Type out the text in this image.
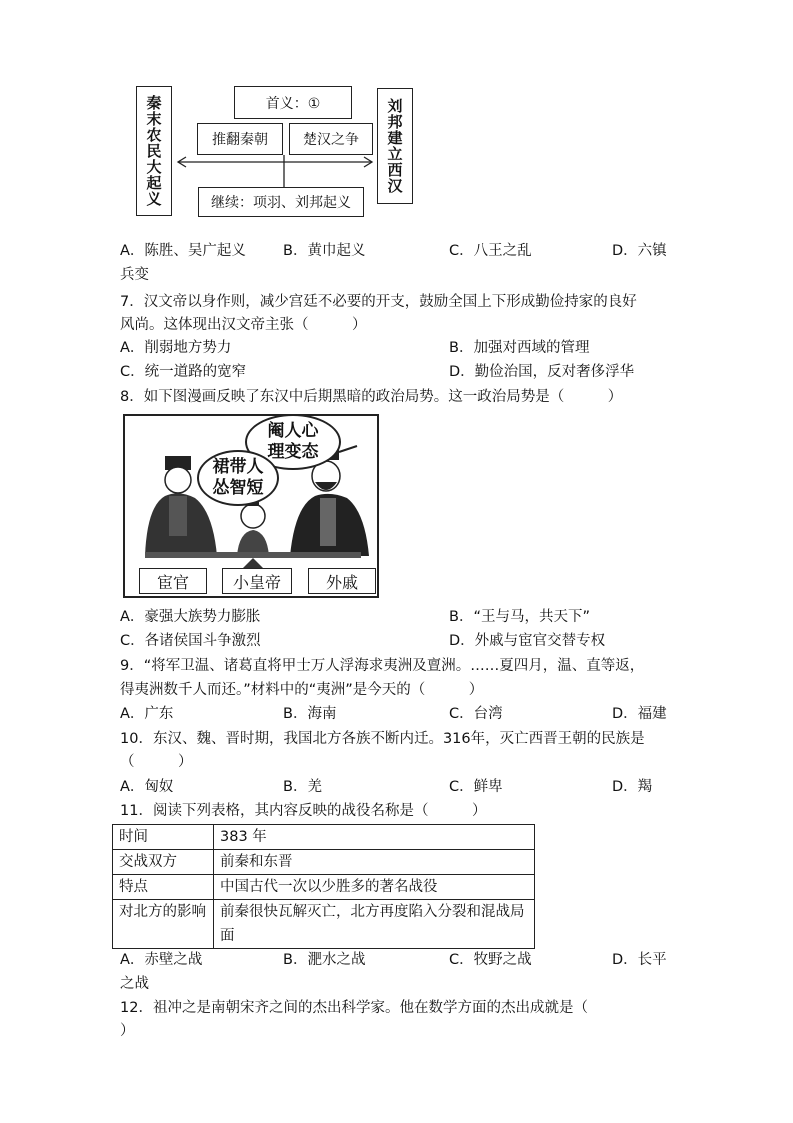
秦末农民大起义	刘邦建立西汉
首义：①
推翻秦朝	楚汉之争
继续：项羽、刘邦起义
A．陈胜、吴广起义	B．黄巾起义	C．八王之乱	D．六镇
兵变
7．汉文帝以身作则，减少宫廷不必要的开支，鼓励全国上下形成勤俭持家的良好
风尚。这体现出汉文帝主张（　　　）
A．削弱地方势力	B．加强对西域的管理
C．统一道路的宽窄	D．勤俭治国，反对奢侈浮华
8．如下图漫画反映了东汉中后期黑暗的政治局势。这一政治局势是（　　　）
阉人心理变态
裙带人怂智短
宦官	小皇帝	外戚
A．豪强大族势力膨胀	B．“王与马，共天下”
C．各诸侯国斗争激烈	D．外戚与宦官交替专权
9．“将军卫温、诸葛直将甲士万人浮海求夷洲及亶洲。……夏四月，温、直等返，
得夷洲数千人而还。”材料中的“夷洲”是今天的（　　　）
A．广东	B．海南	C．台湾	D．福建
10．东汉、魏、晋时期，我国北方各族不断内迁。316年，灭亡西晋王朝的民族是
（　　　）
A．匈奴	B．羌	C．鲜卑	D．羯
11．阅读下列表格，其内容反映的战役名称是（　　　）
时间	383 年
交战双方	前秦和东晋
特点	中国古代一次以少胜多的著名战役
对北方的影响	前秦很快瓦解灭亡，北方再度陷入分裂和混战局面
A．赤壁之战	B．淝水之战	C．牧野之战	D．长平
之战
12．祖冲之是南朝宋齐之间的杰出科学家。他在数学方面的杰出成就是（
）
